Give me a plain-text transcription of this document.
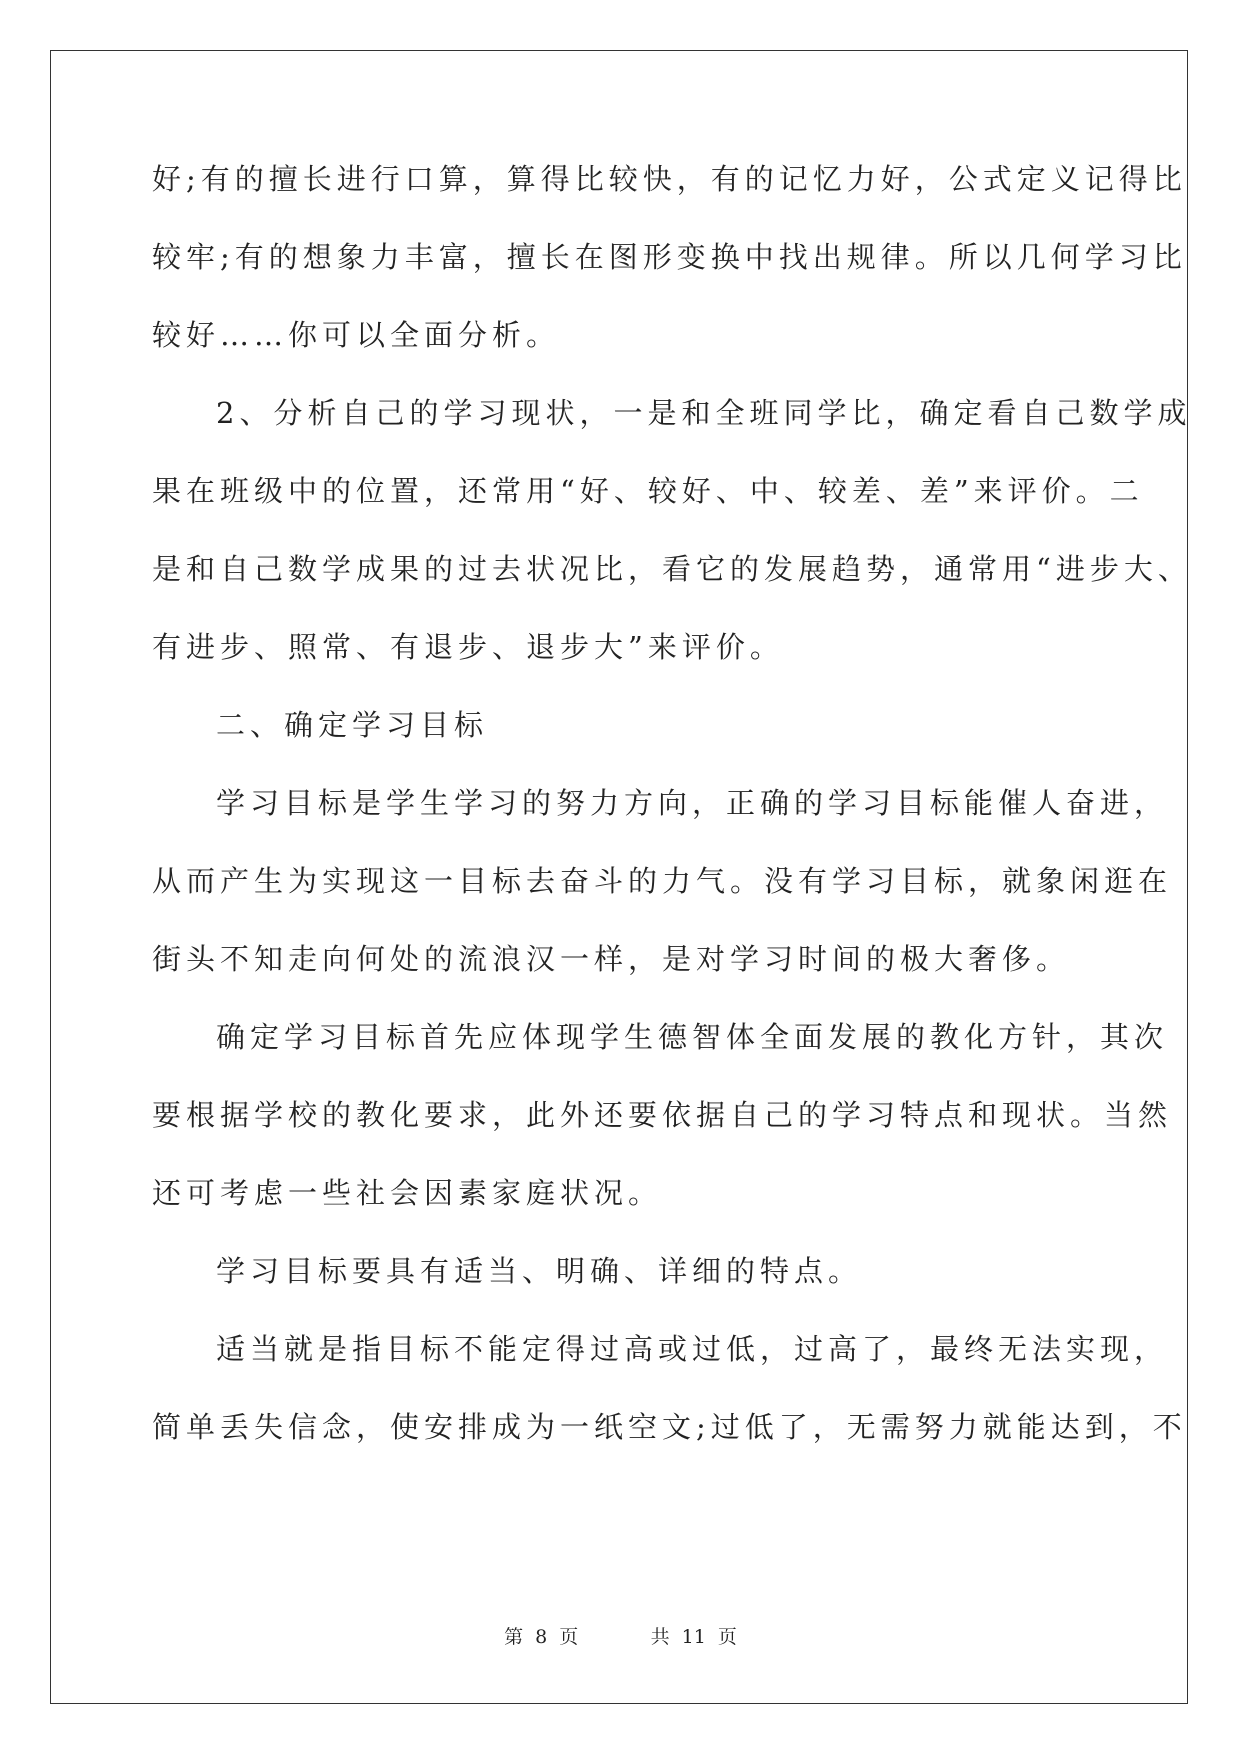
好;有的擅长进行口算，算得比较快，有的记忆力好，公式定义记得比
较牢;有的想象力丰富，擅长在图形变换中找出规律。所以几何学习比
较好……你可以全面分析。
2、分析自己的学习现状，一是和全班同学比，确定看自己数学成
果在班级中的位置，还常用“好、较好、中、较差、差”来评价。二
是和自己数学成果的过去状况比，看它的发展趋势，通常用“进步大、
有进步、照常、有退步、退步大”来评价。
二、确定学习目标
学习目标是学生学习的努力方向，正确的学习目标能催人奋进，
从而产生为实现这一目标去奋斗的力气。没有学习目标，就象闲逛在
街头不知走向何处的流浪汉一样，是对学习时间的极大奢侈。
确定学习目标首先应体现学生德智体全面发展的教化方针，其次
要根据学校的教化要求，此外还要依据自己的学习特点和现状。当然
还可考虑一些社会因素家庭状况。
学习目标要具有适当、明确、详细的特点。
适当就是指目标不能定得过高或过低，过高了，最终无法实现，
简单丢失信念，使安排成为一纸空文;过低了，无需努力就能达到，不
第 8 页	共 11 页
